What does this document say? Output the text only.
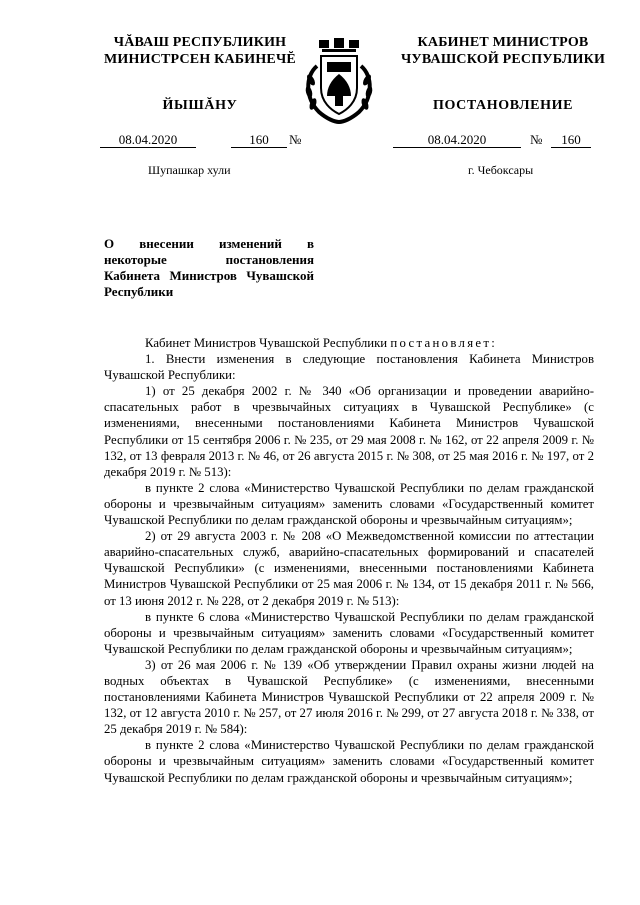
ЧĂВАШ РЕСПУБЛИКИН
МИНИСТРСЕН КАБИНЕЧĔ
ЙЫШĂНУ
КАБИНЕТ МИНИСТРОВ
ЧУВАШСКОЙ РЕСПУБЛИКИ
ПОСТАНОВЛЕНИЕ
08.04.2020	160	№	08.04.2020	№	160
Шупашкар хули	г. Чебоксары
О внесении изменений в некоторые постановления Кабинета Министров Чувашской Республики

Кабинет Министров Чувашской Республики постановляет:

1. Внести изменения в следующие постановления Кабинета Министров Чувашской Республики:

1) от 25 декабря 2002 г. № 340 «Об организации и проведении аварийно-спасательных работ в чрезвычайных ситуациях в Чувашской Республике» (с изменениями, внесенными постановлениями Кабинета Министров Чувашской Республики от 15 сентября 2006 г. № 235, от 29 мая 2008 г. № 162, от 22 апреля 2009 г. № 132, от 13 февраля 2013 г. № 46, от 26 августа 2015 г. № 308, от 25 мая 2016 г. № 197, от 2 декабря 2019 г. № 513):

в пункте 2 слова «Министерство Чувашской Республики по делам гражданской обороны и чрезвычайным ситуациям» заменить словами «Государственный комитет Чувашской Республики по делам гражданской обороны и чрезвычайным ситуациям»;

2) от 29 августа 2003 г. № 208 «О Межведомственной комиссии по аттестации аварийно-спасательных служб, аварийно-спасательных формирований и спасателей Чувашской Республики» (с изменениями, внесенными постановлениями Кабинета Министров Чувашской Республики от 25 мая 2006 г. № 134, от 15 декабря 2011 г. № 566, от 13 июня 2012 г. № 228, от 2 декабря 2019 г. № 513):

в пункте 6 слова «Министерство Чувашской Республики по делам гражданской обороны и чрезвычайным ситуациям» заменить словами «Государственный комитет Чувашской Республики по делам гражданской обороны и чрезвычайным ситуациям»;

3) от 26 мая 2006 г. № 139 «Об утверждении Правил охраны жизни людей на водных объектах в Чувашской Республике» (с изменениями, внесенными постановлениями Кабинета Министров Чувашской Республики от 22 апреля 2009 г. № 132, от 12 августа 2010 г. № 257, от 27 июля 2016 г. № 299, от 27 августа 2018 г. № 338, от 25 декабря 2019 г. № 584):

в пункте 2 слова «Министерство Чувашской Республики по делам гражданской обороны и чрезвычайным ситуациям» заменить словами «Государственный комитет Чувашской Республики по делам гражданской обороны и чрезвычайным ситуациям»;
